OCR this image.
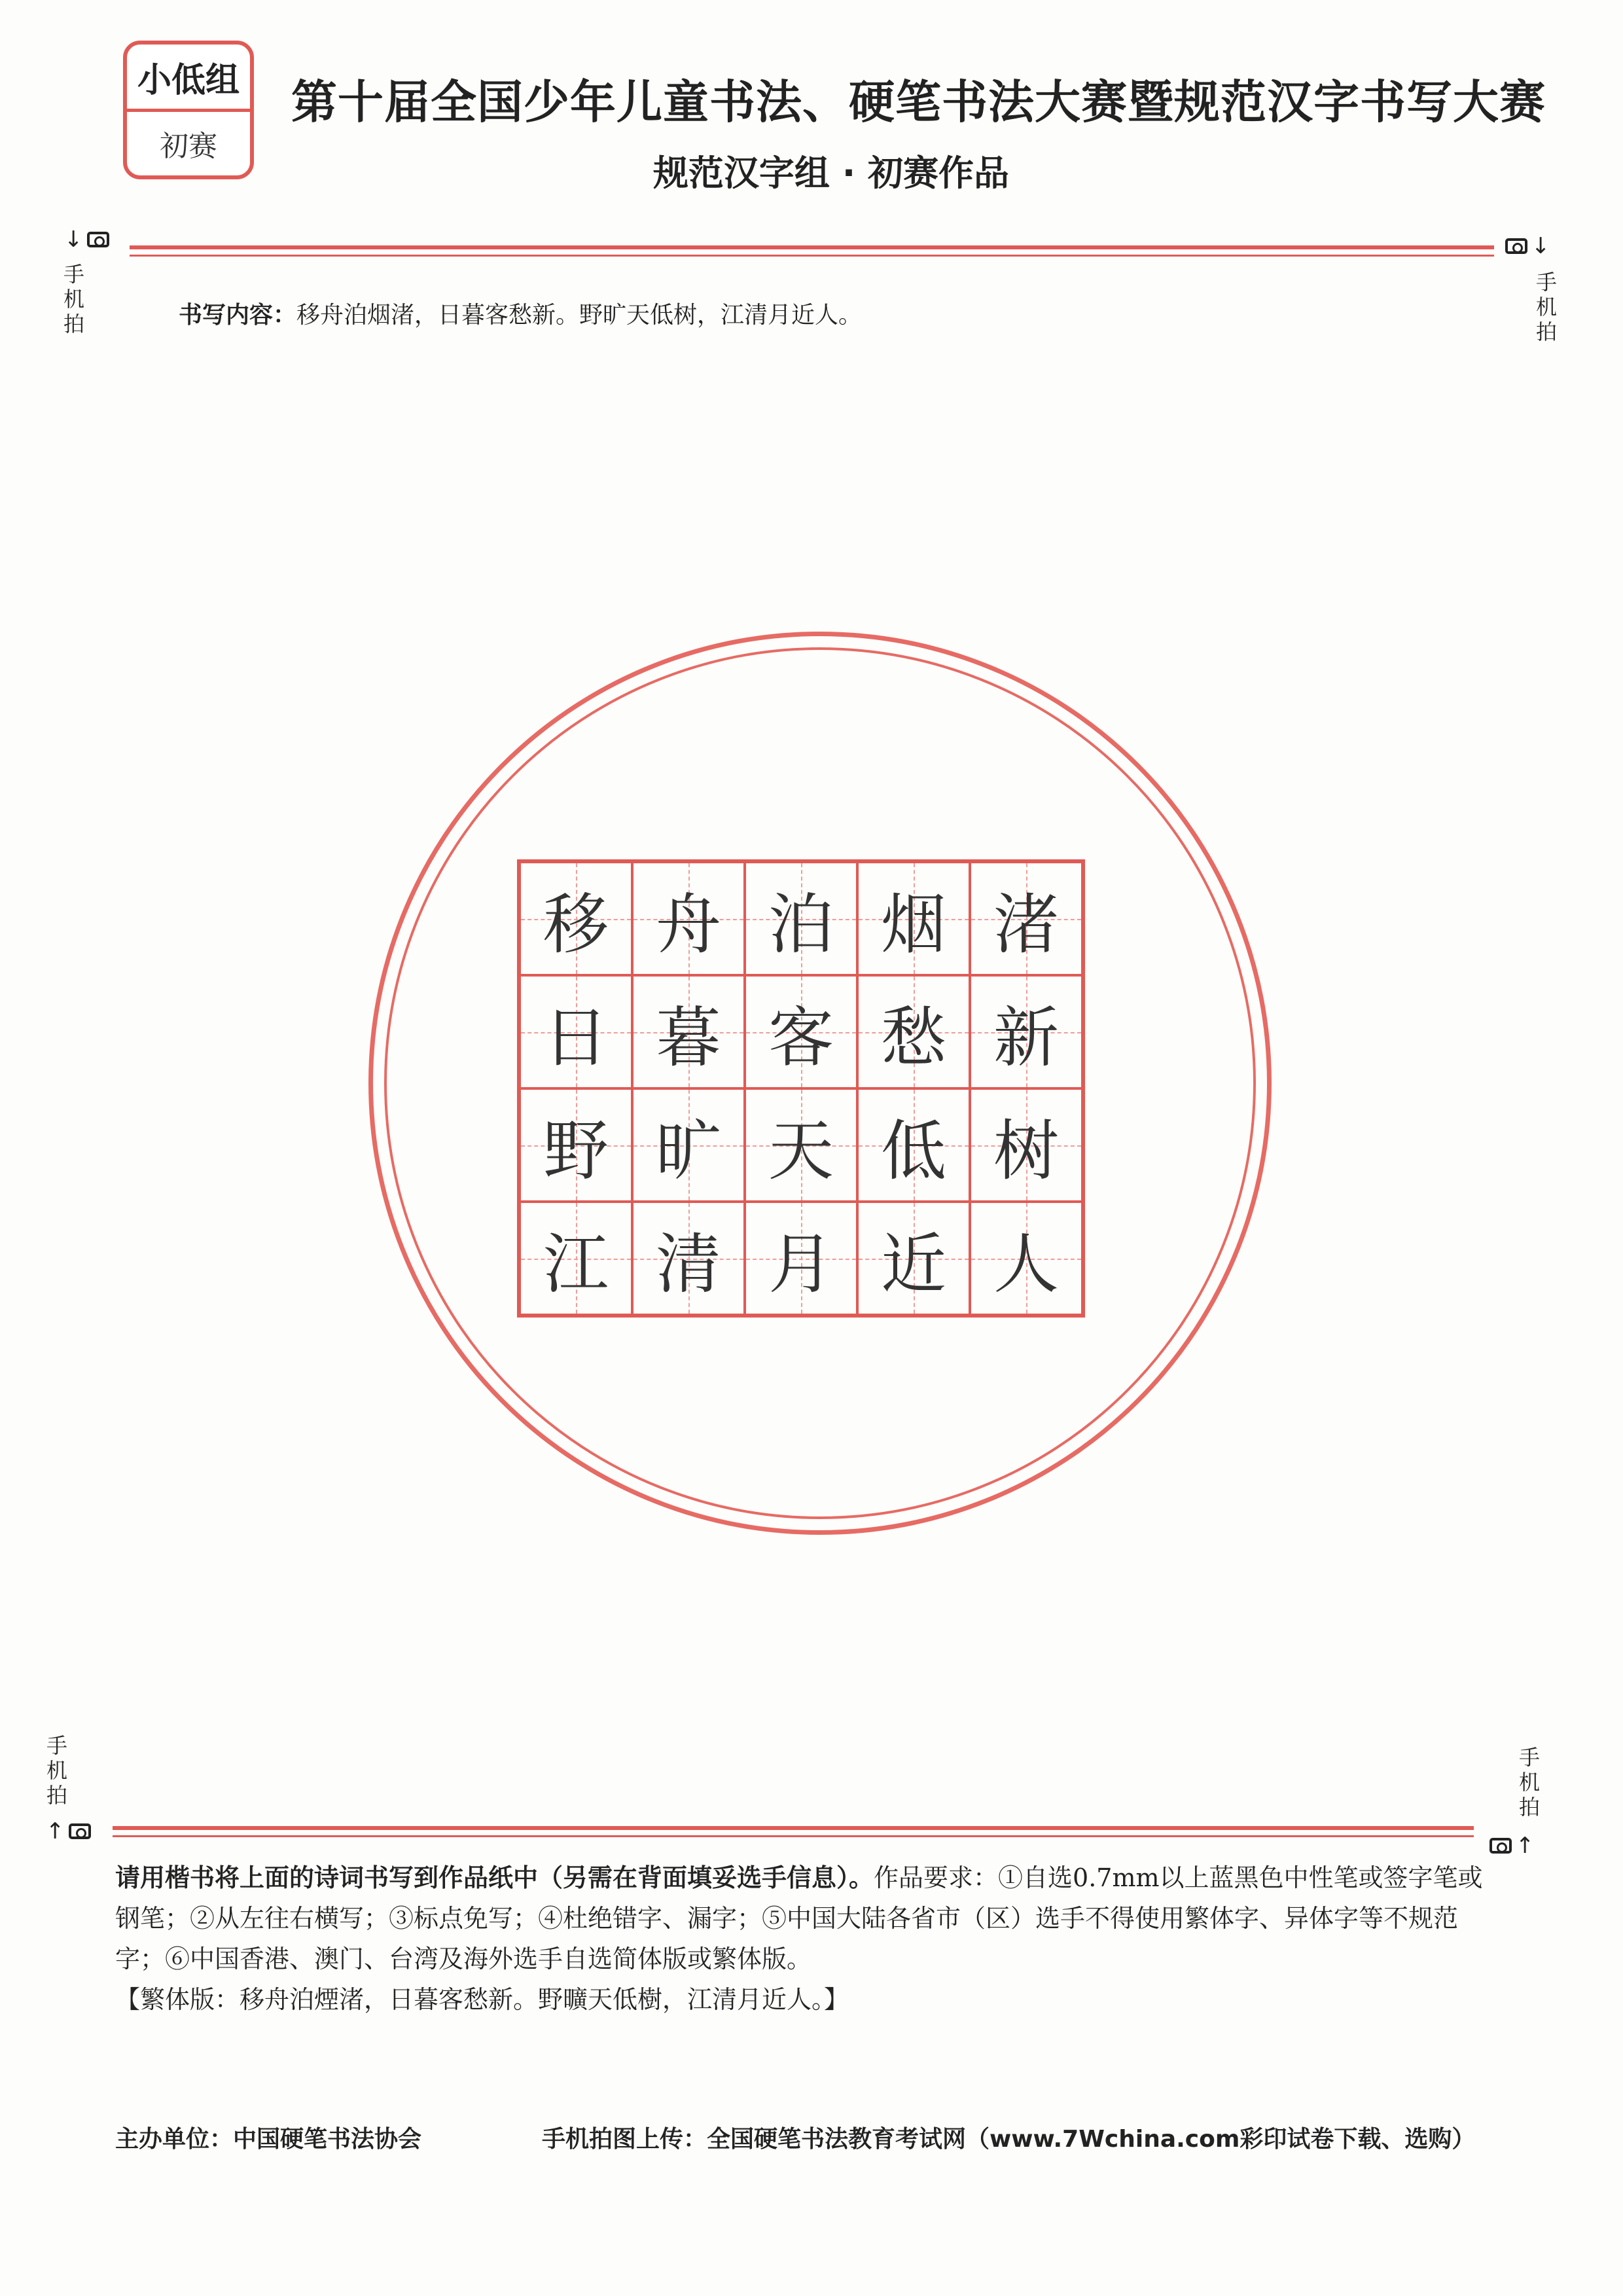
小低组
初赛
第十届全国少年儿童书法、硬笔书法大赛暨规范汉字书写大赛
规范汉字组 · 初赛作品
↓
手
机
拍
↓
手
机
拍
书写内容：移舟泊烟渚，日暮客愁新。野旷天低树，江清月近人。
移 舟 泊 烟 渚
日 暮 客 愁 新
野 旷 天 低 树
江 清 月 近 人
手
机
拍
↑
手
机
拍
↑
请用楷书将上面的诗词书写到作品纸中（另需在背面填妥选手信息）。作品要求：①自选0.7mm以上蓝黑色中性笔或签字笔或钢笔；②从左往右横写；③标点免写；④杜绝错字、漏字；⑤中国大陆各省市（区）选手不得使用繁体字、异体字等不规范字；⑥中国香港、澳门、台湾及海外选手自选简体版或繁体版。
【繁体版：移舟泊煙渚，日暮客愁新。野曠天低樹，江清月近人。】
主办单位：中国硬笔书法协会	手机拍图上传：全国硬笔书法教育考试网（www.7Wchina.com彩印试卷下载、选购）
